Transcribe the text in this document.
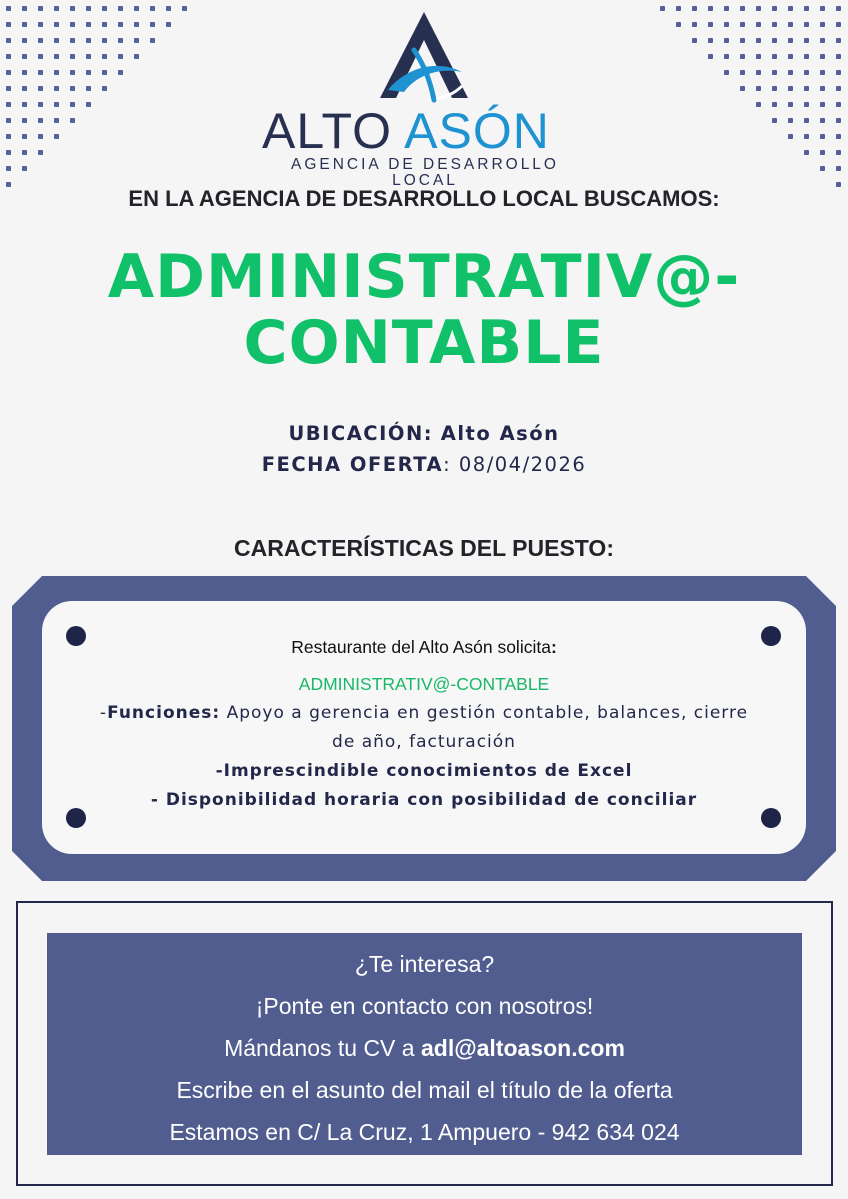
ALTO ASÓN
AGENCIA DE DESARROLLO LOCAL
EN LA AGENCIA DE DESARROLLO LOCAL BUSCAMOS:
ADMINISTRATIV@-
CONTABLE
UBICACIÓN: Alto Asón
FECHA OFERTA: 08/04/2026
CARACTERÍSTICAS DEL PUESTO:
Restaurante del Alto Asón solicita:
ADMINISTRATIV@-CONTABLE
-Funciones: Apoyo a gerencia en gestión contable, balances, cierre de año, facturación
-Imprescindible conocimientos de Excel
- Disponibilidad horaria con posibilidad de conciliar
¿Te interesa?
¡Ponte en contacto con nosotros!
Mándanos tu CV a adl@altoason.com
Escribe en el asunto del mail el título de la oferta
Estamos en C/ La Cruz, 1 Ampuero - 942 634 024
